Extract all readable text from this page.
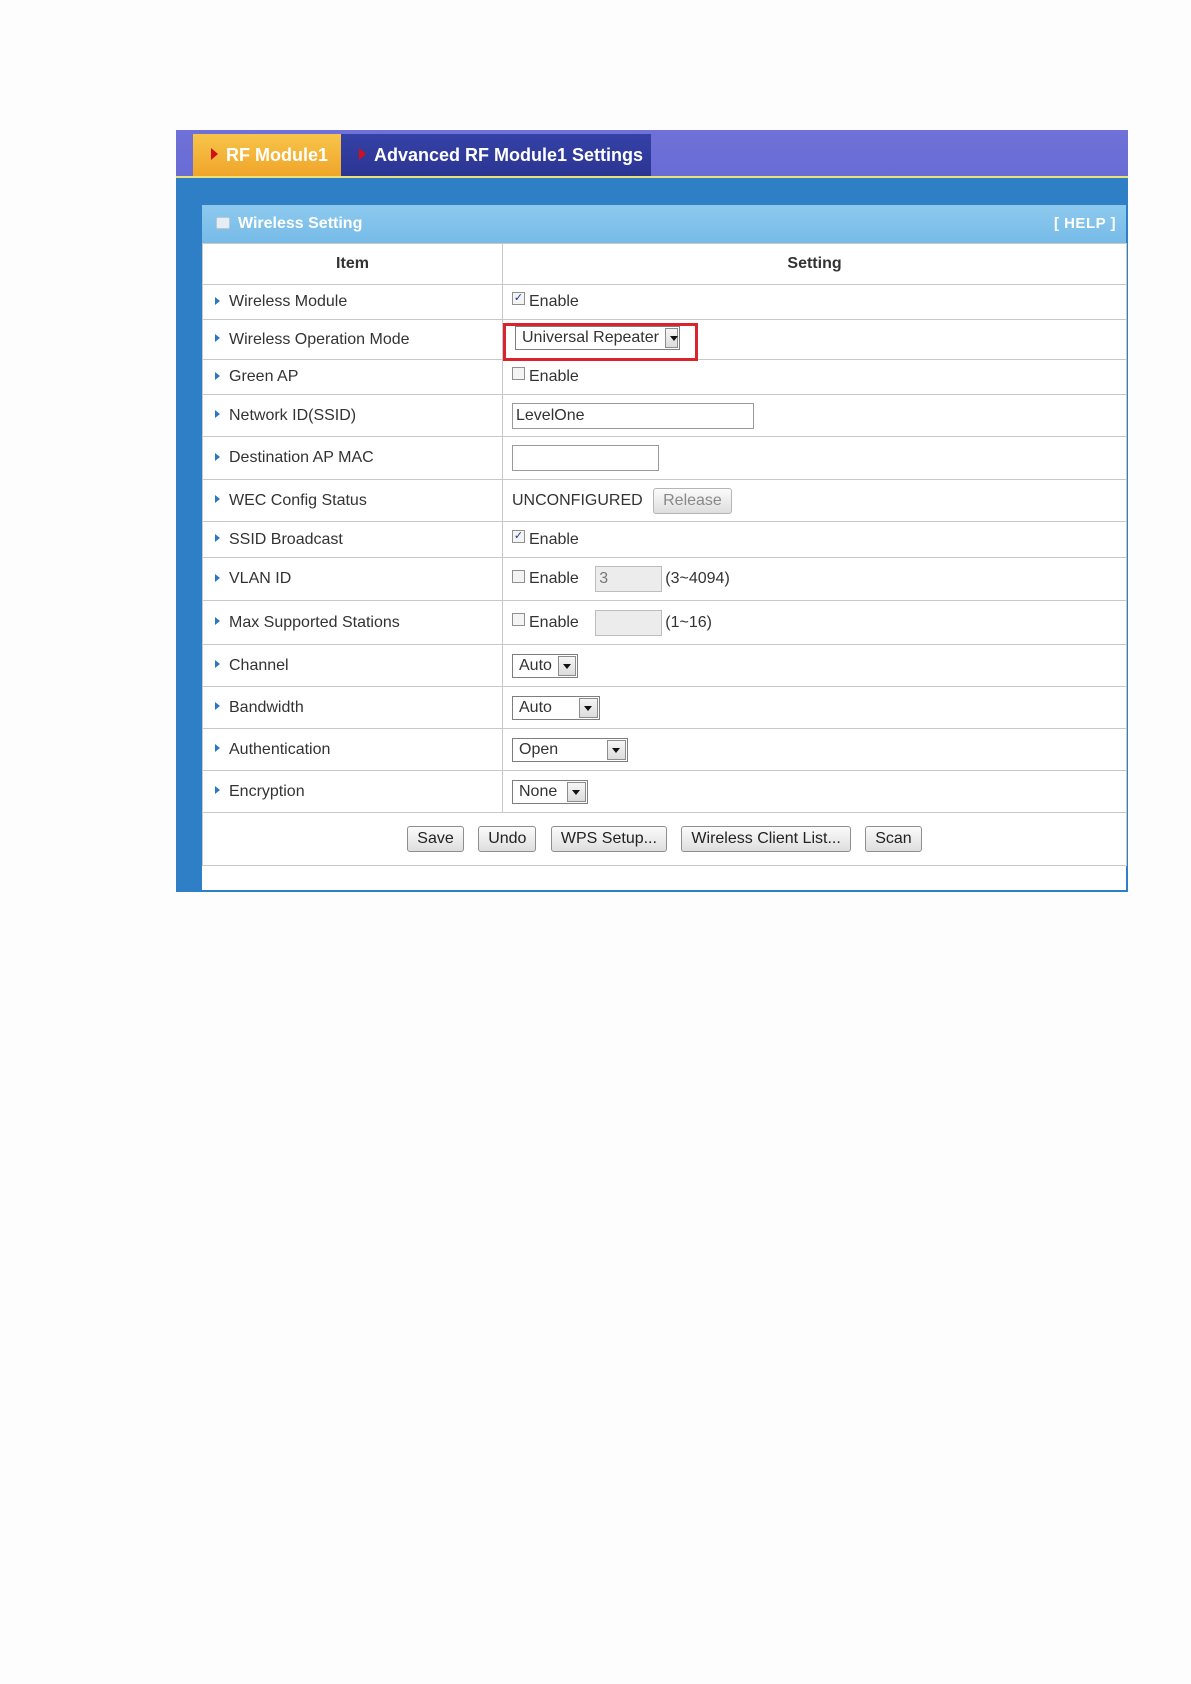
RF Module1	Advanced RF Module1 Settings
Wireless Setting	[ HELP ]
Item	Setting
Wireless Module	✓ Enable
Wireless Operation Mode	Universal Repeater

Green AP	Enable
Network ID(SSID)	LevelOne
Destination AP MAC	
WEC Config Status	UNCONFIGURED Release
SSID Broadcast	✓ Enable
VLAN ID	Enable 3 (3~4094)
Max Supported Stations	Enable (1~16)
Channel	Auto

Bandwidth	Auto

Authentication	Open

Encryption	None

Save Undo WPS Setup... Wireless Client List... Scan	
